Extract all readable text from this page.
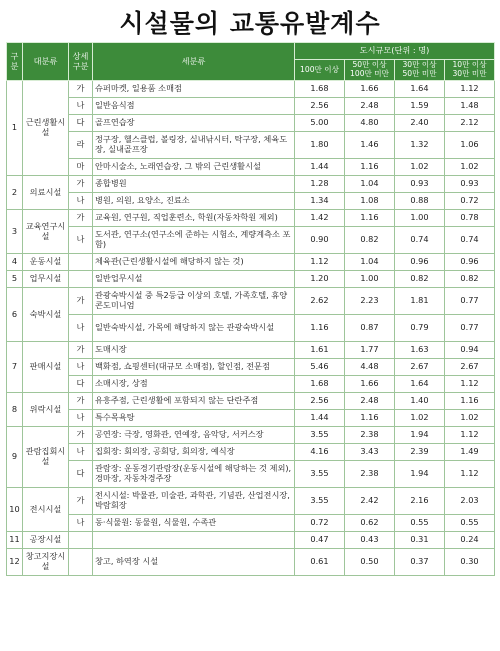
시설물의 교통유발계수
구분	대분류	상세구분	세분류	도시규모(단위 : 명)			
				100만 이상	50만 이상 100만 미만	30만 이상 50만 미만	10만 이상 30만 미만
1	근린생활시설	가	슈퍼마켓, 일용품 소매점	1.68	1.66	1.64	1.12
		나	일반음식점	2.56	2.48	1.59	1.48
		다	골프연습장	5.00	4.80	2.40	2.12
		라	정구장, 헬스클럽, 볼링장, 실내낚시터, 탁구장, 체육도장, 실내골프장	1.80	1.46	1.32	1.06
		마	안마시술소, 노래연습장, 그 밖의 근린생활시설	1.44	1.16	1.02	1.02
2	의료시설	가	종합병원	1.28	1.04	0.93	0.93
		나	병원, 의원, 요양소, 진료소	1.34	1.08	0.88	0.72
3	교육연구시설	가	교육원, 연구원, 직업훈련소, 학원(자동차학원 제외)	1.42	1.16	1.00	0.78
		나	도서관, 연구소(연구소에 준하는 시험소, 계량계측소 포함)	0.90	0.82	0.74	0.74
4	운동시설		체육관(근린생활시설에 해당하지 않는 것)	1.12	1.04	0.96	0.96
5	업무시설		일반업무시설	1.20	1.00	0.82	0.82
6	숙박시설	가	관광숙박시설 중 특2등급 이상의 호텔, 가족호텔, 휴양 콘도미니엄	2.62	2.23	1.81	0.77
		나	일반숙박시설, 가목에 해당하지 않는 관광숙박시설	1.16	0.87	0.79	0.77
7	판매시설	가	도매시장	1.61	1.77	1.63	0.94
		나	백화점, 쇼핑센터(대규모 소매점), 할인점, 전문점	5.46	4.48	2.67	2.67
		다	소매시장, 상점	1.68	1.66	1.64	1.12
8	위락시설	가	유흥주점, 근린생활에 포함되지 않는 단란주점	2.56	2.48	1.40	1.16
		나	특수목욕탕	1.44	1.16	1.02	1.02
9	관람집회시설	가	공연장: 극장, 영화관, 연예장, 음악당, 서커스장	3.55	2.38	1.94	1.12
		나	집회장: 회의장, 공회당, 회의장, 예식장	4.16	3.43	2.39	1.49
		다	관람장: 운동경기관람장(운동시설에 해당하는 것 제외), 경마장, 자동차경주장	3.55	2.38	1.94	1.12
10	전시시설	가	전시시설: 박물관, 미술관, 과학관, 기념관, 산업전시장, 박람회장	3.55	2.42	2.16	2.03
		나	동·식물원: 동물원, 식물원, 수족관	0.72	0.62	0.55	0.55
11	공장시설			0.47	0.43	0.31	0.24
12	창고지장시설		창고, 하역장 시설	0.61	0.50	0.37	0.30
